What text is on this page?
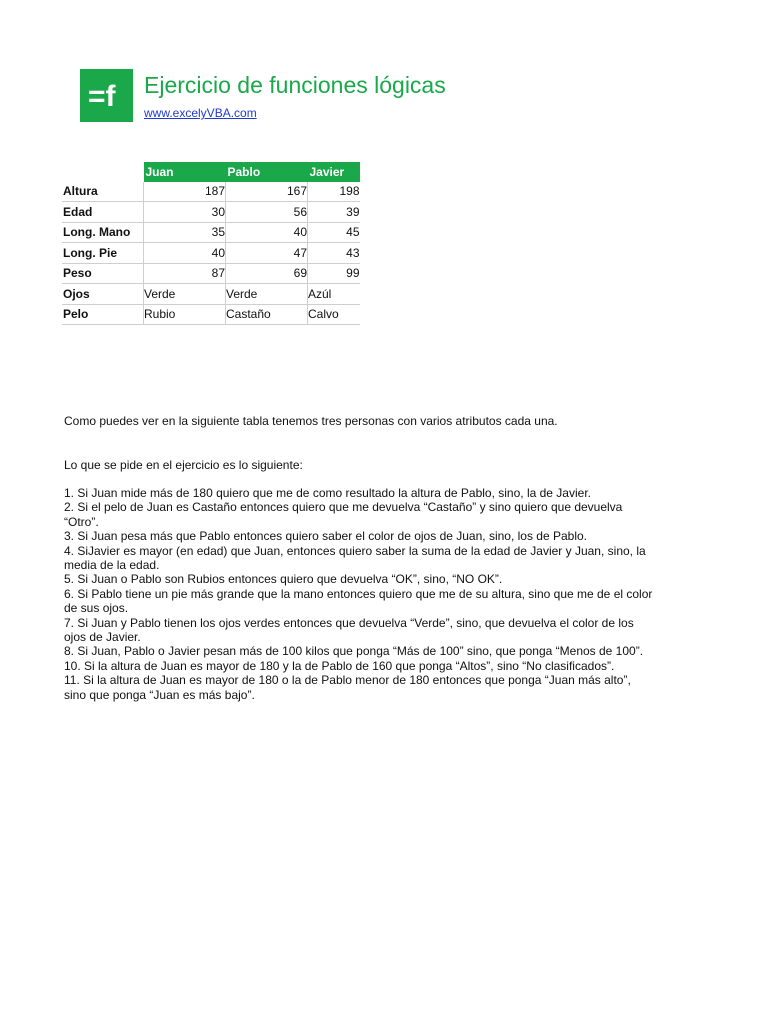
=f Ejercicio de funciones lógicas
www.excelyVBA.com
	Juan	Pablo	Javier
Altura	187	167	198
Edad	30	56	39
Long. Mano	35	40	45
Long. Pie	40	47	43
Peso	87	69	99
Ojos	Verde	Verde	Azúl
Pelo	Rubio	Castaño	Calvo
Como puedes ver en la siguiente tabla tenemos tres personas con varios atributos cada una.
Lo que se pide en el ejercicio es lo siguiente:
1. Si Juan mide más de 180 quiero que me de como resultado la altura de Pablo, sino, la de Javier.
2. Si el pelo de Juan es Castaño entonces quiero que me devuelva “Castaño” y sino quiero que devuelva “Otro”.
3. Si Juan pesa más que Pablo entonces quiero saber el color de ojos de Juan, sino, los de Pablo.
4. SiJavier es mayor (en edad) que Juan, entonces quiero saber la suma de la edad de Javier y Juan, sino, la media de la edad.
5. Si Juan o Pablo son Rubios entonces quiero que devuelva “OK”, sino, “NO OK”.
6. Si Pablo tiene un pie más grande que la mano entonces quiero que me de su altura, sino que me de el color de sus ojos.
7. Si Juan y Pablo tienen los ojos verdes entonces que devuelva “Verde”, sino, que devuelva el color de los ojos de Javier.
8. Si Juan, Pablo o Javier pesan más de 100 kilos que ponga “Más de 100” sino, que ponga “Menos de 100”.
10. Si la altura de Juan es mayor de 180 y la de Pablo de 160 que ponga “Altos”, sino “No clasificados”.
11. Si la altura de Juan es mayor de 180 o la de Pablo menor de 180 entonces que ponga “Juan más alto”, sino que ponga “Juan es más bajo”.
